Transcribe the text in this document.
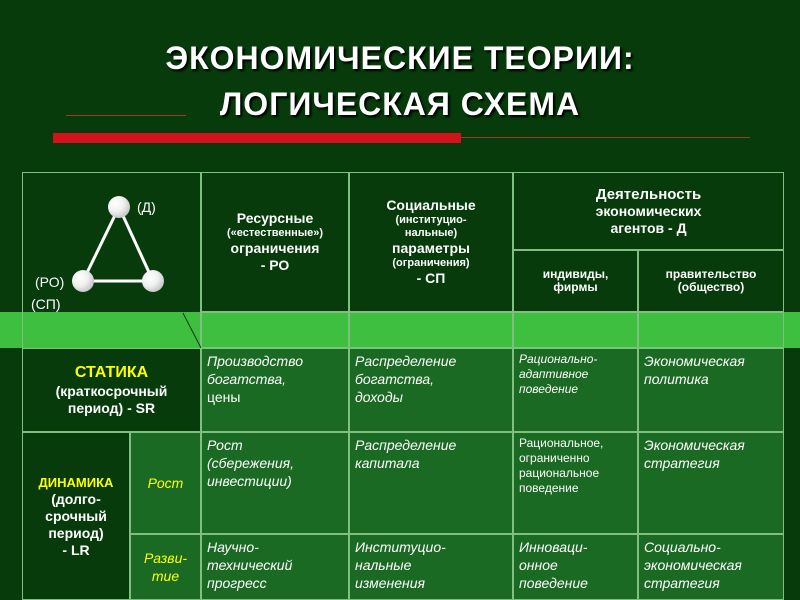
ЭКОНОМИЧЕСКИЕ ТЕОРИИ:
ЛОГИЧЕСКАЯ СХЕМА
(Д)
(РО)
(СП)
Ресурсные
(«естественные»)
ограничения
- РО
Социальные
(институцио-
нальные)
параметры
(ограничения)
- СП
Деятельность
экономических
агентов - Д
индивиды,
фирмы
правительство
(общество)
СТАТИКА
(краткосрочный
период) - SR
Производство
богатства,
цены
Распределение
богатства,
доходы
Рационально-
адаптивное
поведение
Экономическая
политика
ДИНАМИКА
(долго-
срочный
период)
- LR
Рост
Рост
(сбережения,
инвестиции)
Распределение
капитала
Рациональное,
ограниченно
рациональное
поведение
Экономическая
стратегия
Разви-
тие
Научно-
технический
прогресс
Институцио-
нальные
изменения
Инноваци-
онное
поведение
Социально-
экономическая
стратегия
